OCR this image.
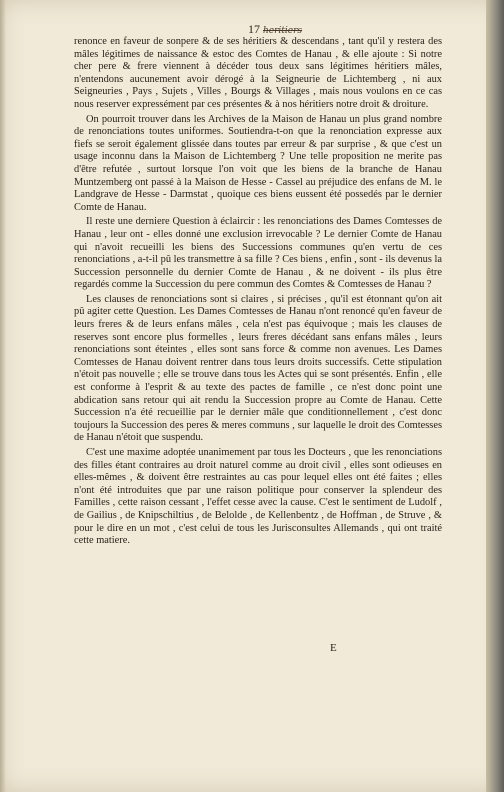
17 heritiers

renonce en faveur de sonpere & de ses héritiers & descendans , tant qu'il y restera des mâles légitimes de naissance & estoc des Comtes de Hanau , & elle ajoute : Si notre cher pere & frere viennent à décéder tous deux sans légitimes héritiers mâles, n'entendons aucunement avoir dérogé à la Seigneurie de Lichtemberg , ni aux Seigneuries , Pays , Sujets , Villes , Bourgs & Villages , mais nous voulons en ce cas nous reserver expressément par ces présentes & à nos héritiers notre droit & droiture.

On pourroit trouver dans les Archives de la Maison de Hanau un plus grand nombre de renonciations toutes uniformes. Soutiendra-t-on que la renonciation expresse aux fiefs se seroit également glissée dans toutes par erreur & par surprise , & que c'est un usage inconnu dans la Maison de Lichtemberg ? Une telle proposition ne merite pas d'être refutée , surtout lorsque l'on voit que les biens de la branche de Hanau Muntzemberg ont passé à la Maison de Hesse - Cassel au préjudice des enfans de M. le Landgrave de Hesse - Darmstat , quoique ces biens eussent été possedés par le dernier Comte de Hanau.

Il reste une derniere Question à éclaircir : les renonciations des Dames Comtesses de Hanau , leur ont - elles donné une exclusion irrevocable ? Le dernier Comte de Hanau qui n'avoit recueilli les biens des Successions communes qu'en vertu de ces renonciations , a-t-il pû les transmettre à sa fille ? Ces biens , enfin , sont - ils devenus la Succession personnelle du dernier Comte de Hanau , & ne doivent - ils plus être regardés comme la Succession du pere commun des Comtes & Comtesses de Hanau ?

Les clauses de renonciations sont si claires , si précises , qu'il est étonnant qu'on ait pû agiter cette Question. Les Dames Comtesses de Hanau n'ont renoncé qu'en faveur de leurs freres & de leurs enfans mâles , cela n'est pas équivoque ; mais les clauses de reserves sont encore plus formelles , leurs freres décédant sans enfans mâles , leurs renonciations sont éteintes , elles sont sans force & comme non avenues. Les Dames Comtesses de Hanau doivent rentrer dans tous leurs droits successifs. Cette stipulation n'étoit pas nouvelle ; elle se trouve dans tous les Actes qui se sont présentés. Enfin , elle est conforme à l'esprit & au texte des pactes de famille , ce n'est donc point une abdication sans retour qui ait rendu la Succession propre au Comte de Hanau. Cette Succession n'a été recueillie par le dernier mâle que conditionnellement , c'est donc toujours la Succession des peres & meres communs , sur laquelle le droit des Comtesses de Hanau n'étoit que suspendu.

C'est une maxime adoptée unanimement par tous les Docteurs , que les renonciations des filles étant contraires au droit naturel comme au droit civil , elles sont odieuses en elles-mêmes , & doivent être restraintes au cas pour lequel elles ont été faites ; elles n'ont été introduites que par une raison politique pour conserver la splendeur des Familles , cette raison cessant , l'effet cesse avec la cause. C'est le sentiment de Ludolf , de Gailius , de Knipschiltius , de Belolde , de Kellenbentz , de Hoffman , de Struve , & pour le dire en un mot , c'est celui de tous les Jurisconsultes Allemands , qui ont traité cette matiere.

E
